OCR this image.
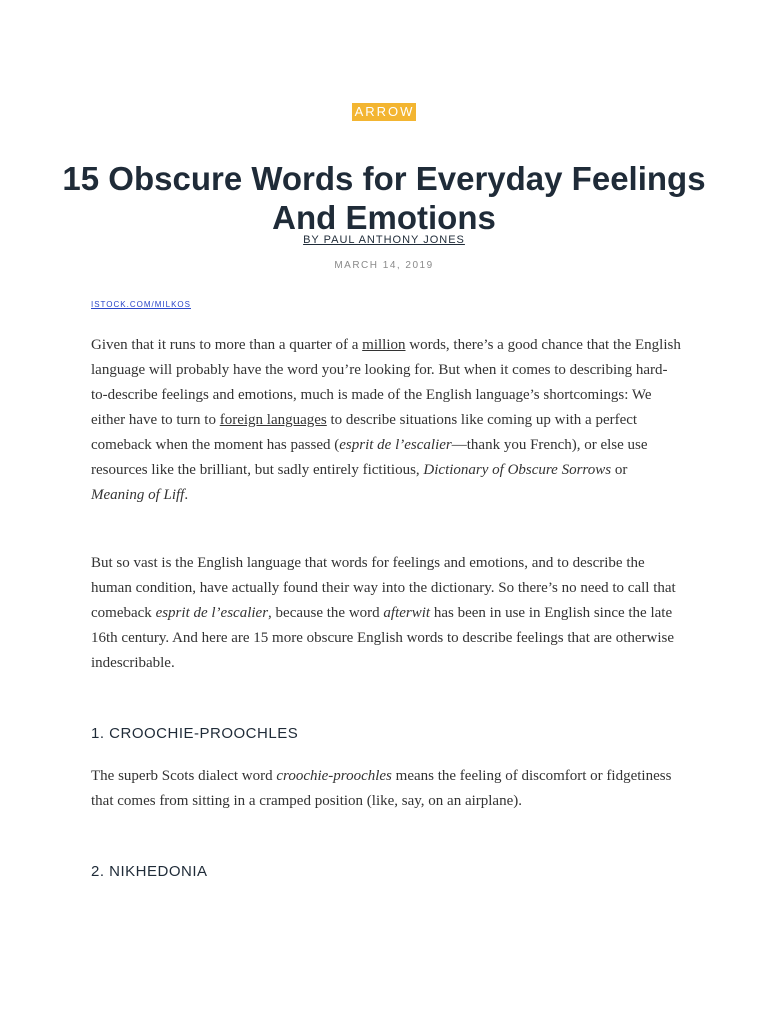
ARROW
15 Obscure Words for Everyday Feelings And Emotions
BY PAUL ANTHONY JONES
MARCH 14, 2019
ISTOCK.COM/MILKOS

Given that it runs to more than a quarter of a million words, there’s a good chance that the English language will probably have the word you’re looking for. But when it comes to describing hard-to-describe feelings and emotions, much is made of the English language’s shortcomings: We either have to turn to foreign languages to describe situations like coming up with a perfect comeback when the moment has passed (esprit de l’escalier—thank you French), or else use resources like the brilliant, but sadly entirely fictitious, Dictionary of Obscure Sorrows or Meaning of Liff.

But so vast is the English language that words for feelings and emotions, and to describe the human condition, have actually found their way into the dictionary. So there’s no need to call that comeback esprit de l’escalier, because the word afterwit has been in use in English since the late 16th century. And here are 15 more obscure English words to describe feelings that are otherwise indescribable.

1. CROOCHIE-PROOCHLES

The superb Scots dialect word croochie-proochles means the feeling of discomfort or fidgetiness that comes from sitting in a cramped position (like, say, on an airplane).

2. NIKHEDONIA
